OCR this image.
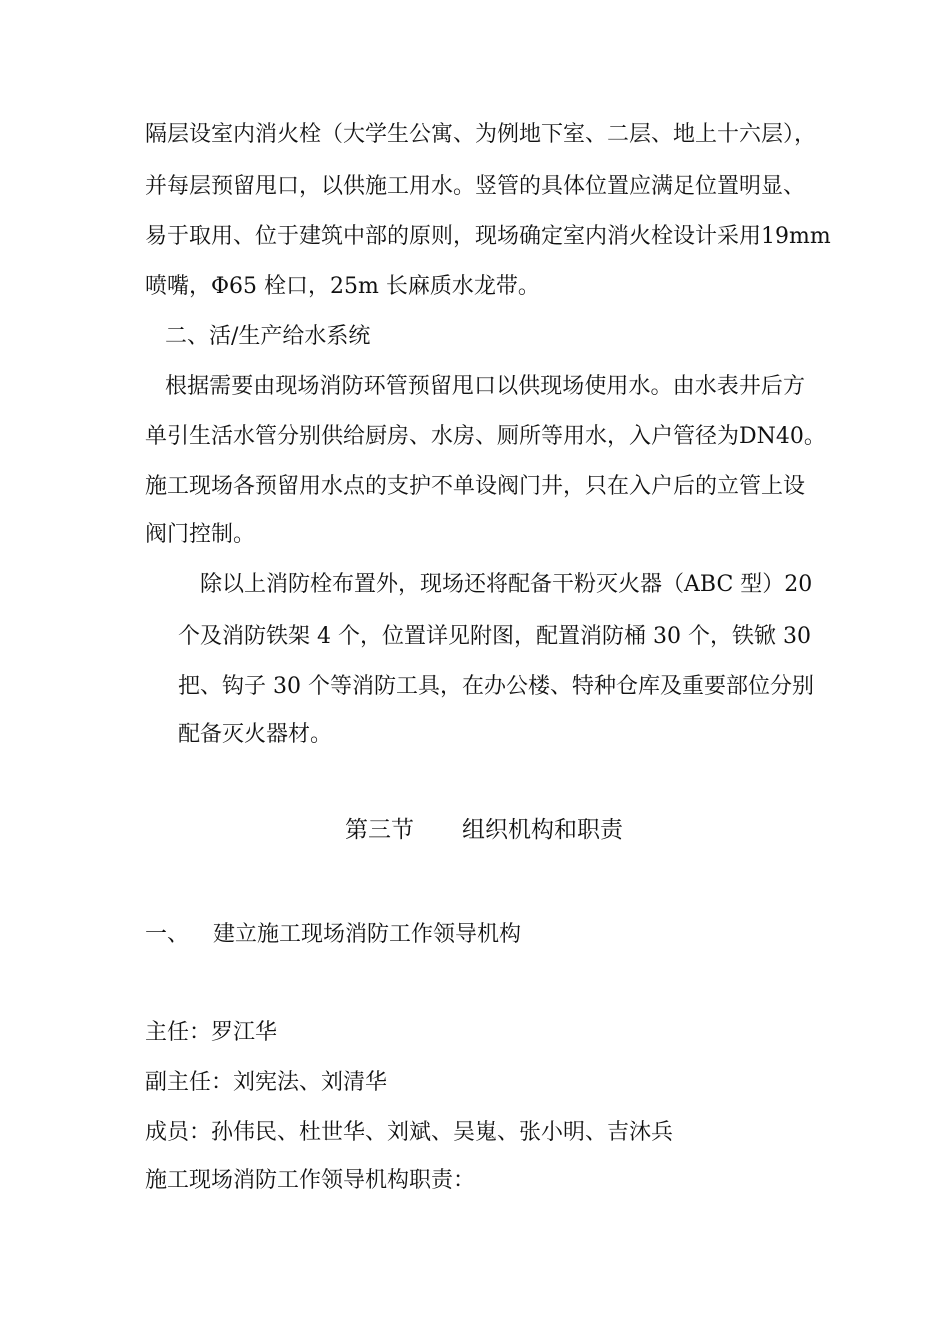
隔层设室内消火栓（大学生公寓、为例地下室、二层、地上十六层），
并每层预留甩口，以供施工用水。竖管的具体位置应满足位置明显、
易于取用、位于建筑中部的原则，现场确定室内消火栓设计采用19mm
喷嘴，Φ65 栓口，25m 长麻质水龙带。
二、活/生产给水系统
根据需要由现场消防环管预留甩口以供现场使用水。由水表井后方
单引生活水管分别供给厨房、水房、厕所等用水，入户管径为DN40。
施工现场各预留用水点的支护不单设阀门井，只在入户后的立管上设
阀门控制。
除以上消防栓布置外，现场还将配备干粉灭火器（ABC 型）20
个及消防铁架 4 个，位置详见附图，配置消防桶 30 个，铁锨 30
把、钩子 30 个等消防工具，在办公楼、特种仓库及重要部位分别
配备灭火器材。
第三节 组织机构和职责
一、 建立施工现场消防工作领导机构
主任：罗江华
副主任：刘宪法、刘清华
成员：孙伟民、杜世华、刘斌、吴嵬、张小明、吉沐兵
施工现场消防工作领导机构职责：
